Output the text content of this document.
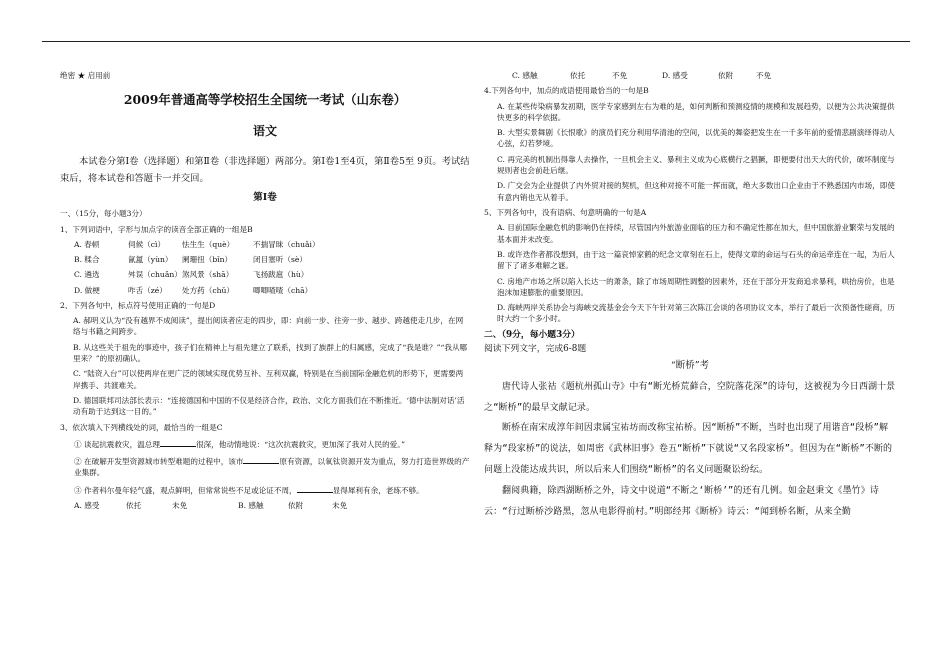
绝密 ★ 启用前
2009年普通高等学校招生全国统一考试（山东卷）
语文
本试卷分第Ⅰ卷（选择题）和第Ⅱ卷（非选择题）两部分。第Ⅰ卷1至4页，第Ⅱ卷5至 9页。考试结束后，将本试卷和答题卡一并交回。
第Ⅰ卷
一、（15分，每小题3分）
1、下列词语中，字形与加点字的读音全部正确的一组是B
A. 春顿	伺候（cì） 怯生生（què） 不揣冒昧（chuǎi）
B. 糅合	氤氲（yùn） 阑珊扭（bǐn）	闭目塞听（sè）
C. 遴选	舛误（chuǎn） 煞风景（shā）	飞扬跋扈（hù）
D. 做梗	咋舌（zé） 处方药（chǔ） 唧唧喳喳（chā）
2、下列各句中，标点符号使用正确的一句是D
A. 郝明义认为“没有越界不成阅读”，提出阅读者应走的四步，即：向前一步、往旁一步、越步、跨越使走几步，在网络与书籍之间跨步。
B. 从这些关于祖先的事迹中，孩子们在精神上与祖先建立了联系，找到了族群上的归属感，完成了“我是谁？”“我从哪里来？”的原初确认。
C. “陆资入台”可以使两岸在更广泛的领域实现优势互补、互利双赢，特别是在当前国际金融危机的形势下，更需要两岸携手、共渡难关。
D. 德国联邦司法部长表示：“连接德国和中国的不仅是经济合作，政治、文化方面我们在不断推近。‘德中法制对话’活动有助于达到这一目的。”
3、依次填入下列横线处的词，最恰当的一组是C
① 谈起抗震救灾，温总理	很深，他动情地说：“这次抗震救灾，更加深了我对人民的爱。”
② 在破解开发型资源城市转型难题的过程中，该市	原有资源，以氧钛资源开发为重点，努力打造世界级的产业集群。
③ 作者科尔曼年轻气盛，观点鲜明，但常常说些不足或论证不周，	显得犀利有余，老练不够。
A. 感受	依托	未免	B. 感触	依附	未免
C. 感触	依托	不免	D. 感受	依附	不免
4.下列各句中，加点的成语使用最恰当的一句是B
A. 在某些传染病暴发初期，医学专家感到左右为难的是，如何判断和预测疫情的规模和发展趋势，以便为公共决策提供快更多的科学依据。
B. 大型实景舞剧《长恨歌》的演员们充分利用华清池的空间，以优美的舞姿把发生在一千多年前的爱情悲剧演绎得动人心弦，幻若梦境。
C. 再完美的机制出得靠人去操作，一旦机会主义、暴利主义成为心底横行之猖獗，即便要付出天大的代价，破坏制度与规则者也会前赴后继。
D. 广交会为企业提供了内外贸对接的契机，但这种对接不可能一挥而就，绝大多数出口企业由于不熟悉国内市场，即使有意内销也无从着手。
5、下列各句中，没有语病、句意明确的一句是A
A. 目前国际金融危机的影响仍在持续，尽管国内外旅游业面临的压力和不确定性都在加大，但中国旅游业繁荣与发展的基本面并未改变。
B. 或许迭作者都没想到，由于这一篇哀悼家鹤的纪念文章刻在石上，使得文章的命运与石头的命运牵连在一起，为后人留下了诸多难解之谜。
C. 房地产市场之所以陷入长达一的萧条，除了市场周期性调整的因素外，还在于部分开发商追求暴利，哄抬房价，也是泡沫加速膨胀的重要原因。
D. 海峡两岸关系协会与海峡交流基金会今天下午针对第三次陈江会谈的各项协议文本，举行了最后一次预备性磋商，历时大约一个多小时。
二、（9分，每小题3分）
阅读下列文字，完成6-8题
“断桥”考
唐代诗人张祜《题杭州孤山寺》中有“断光桥荒藓合，空院落花深”的诗句，这被视为今日西湖十景之“断桥”的最早文献记录。
断桥在南宋成淳年间因隶属宝祐坊而改称宝祐桥。因“断桥”不断，当时也出现了用谐音“段桥”解释为“段家桥”的说法，如周密《武林旧事》卷五“断桥”下就说“又名段家桥”。但因为在“断桥”不断的问题上没能达成共识，所以后来人们围绕“断桥”的名义问题聚讼纷纭。
翻阅典籍，除西湖断桥之外，诗文中说道“不断之‘断桥’”的还有几例。如金赵秉文《墨竹》诗云：“行过断桥沙路黑，忽从电影得前村。”明郎经邦《断桥》诗云：“闻到桥名断，从来全勤
